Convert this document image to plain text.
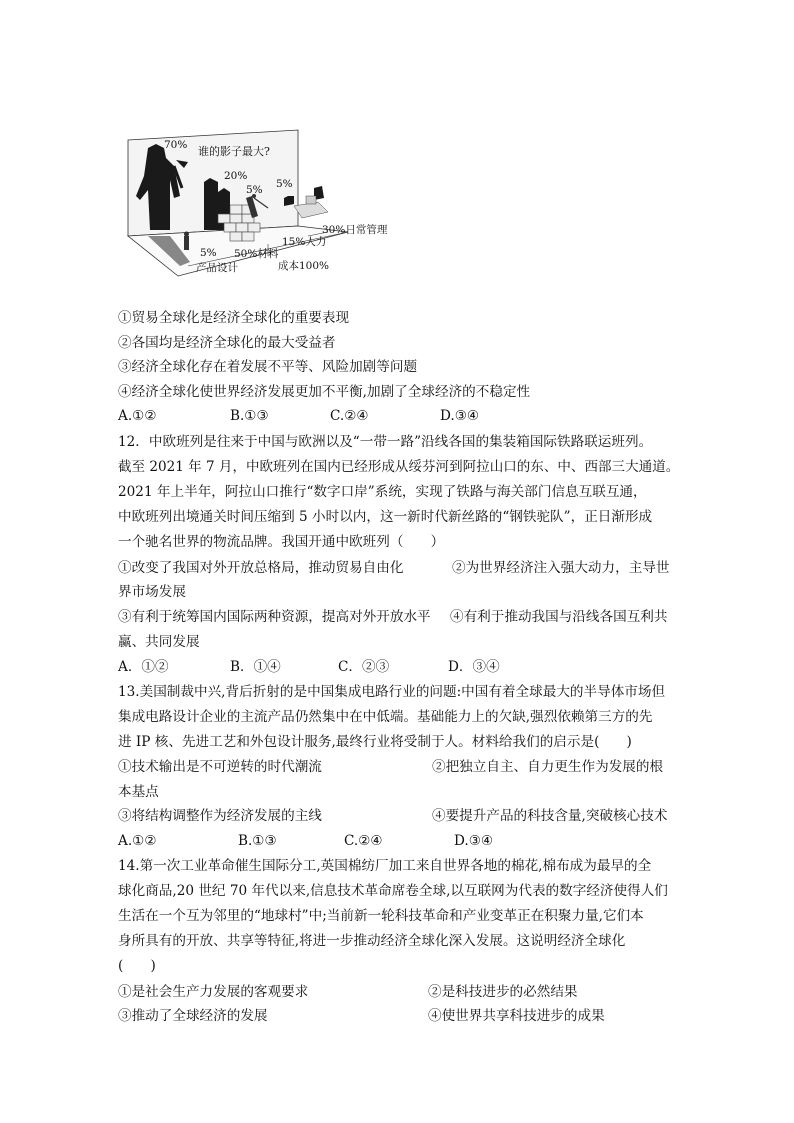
70% 谁的影子最大?
20%
5% 5%
30%日常管理
15%人力
5% 50%材料
成本100%
产品设计
①贸易全球化是经济全球化的重要表现
②各国均是经济全球化的最大受益者
③经济全球化存在着发展不平等、风险加剧等问题
④经济全球化使世界经济发展更加不平衡,加剧了全球经济的不稳定性
A.①②	B.①③	C.②④	D.③④
12．中欧班列是往来于中国与欧洲以及“一带一路”沿线各国的集装箱国际铁路联运班列。
截至 2021 年 7 月，中欧班列在国内已经形成从绥芬河到阿拉山口的东、中、西部三大通道。
2021 年上半年，阿拉山口推行“数字口岸”系统，实现了铁路与海关部门信息互联互通，
中欧班列出境通关时间压缩到 5 小时以内，这一新时代新丝路的“钢铁驼队”，正日渐形成
一个驰名世界的物流品牌。我国开通中欧班列（　　）
①改变了我国对外开放总格局，推动贸易自由化	②为世界经济注入强大动力，主导世
界市场发展
③有利于统筹国内国际两种资源，提高对外开放水平 ④有利于推动我国与沿线各国互利共
赢、共同发展
A．①②	B．①④	C．②③	D．③④
13.美国制裁中兴,背后折射的是中国集成电路行业的问题:中国有着全球最大的半导体市场但
集成电路设计企业的主流产品仍然集中在中低端。基础能力上的欠缺,强烈依赖第三方的先
进 IP 核、先进工艺和外包设计服务,最终行业将受制于人。材料给我们的启示是(　　)
①技术输出是不可逆转的时代潮流	②把独立自主、自力更生作为发展的根
本基点
③将结构调整作为经济发展的主线	④要提升产品的科技含量,突破核心技术
A.①②	B.①③	C.②④	D.③④
14.第一次工业革命催生国际分工,英国棉纺厂加工来自世界各地的棉花,棉布成为最早的全
球化商品,20 世纪 70 年代以来,信息技术革命席卷全球,以互联网为代表的数字经济使得人们
生活在一个互为邻里的“地球村”中;当前新一轮科技革命和产业变革正在积聚力量,它们本
身所具有的开放、共享等特征,将进一步推动经济全球化深入发展。这说明经济全球化
(　　)
①是社会生产力发展的客观要求	②是科技进步的必然结果
③推动了全球经济的发展	④使世界共享科技进步的成果
